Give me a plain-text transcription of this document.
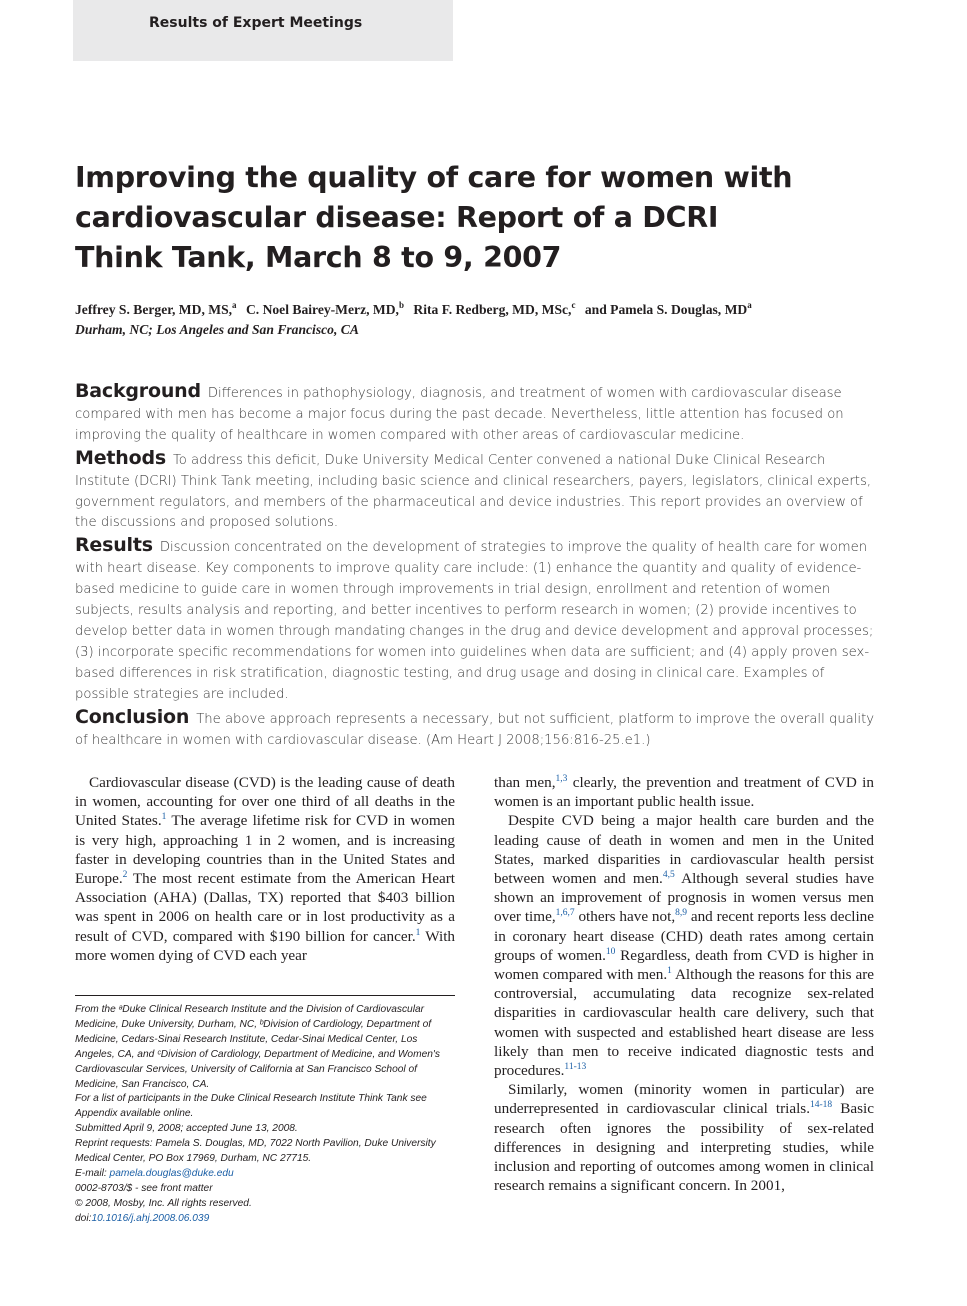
Results of Expert Meetings
Improving the quality of care for women with
cardiovascular disease: Report of a DCRI
Think Tank, March 8 to 9, 2007
Jeffrey S. Berger, MD, MS,$^a$ C. Noel Bairey-Merz, MD,$^b$ Rita F. Redberg, MD, MSc,$^c$ and Pamela S. Douglas, $MD^a$
Durham, NC; Los Angeles and San Francisco, CA

Background Differences in pathophysiology, diagnosis, and treatment of women with cardiovascular disease compared with men has become a major focus during the past decade. Nevertheless, little attention has focused on improving the quality of healthcare in women compared with other areas of cardiovascular medicine.

Methods To address this deficit, Duke University Medical Center convened a national Duke Clinical Research Institute (DCRI) Think Tank meeting, including basic science and clinical researchers, payers, legislators, clinical experts, government regulators, and members of the pharmaceutical and device industries. This report provides an overview of the discussions and proposed solutions.

Results Discussion concentrated on the development of strategies to improve the quality of health care for women with heart disease. Key components to improve quality care include: (1) enhance the quantity and quality of evidence-based medicine to guide care in women through improvements in trial design, enrollment and retention of women subjects, results analysis and reporting, and better incentives to perform research in women; (2) provide incentives to develop better data in women through mandating changes in the drug and device development and approval processes; (3) incorporate specific recommendations for women into guidelines when data are sufficient; and (4) apply proven sex-based differences in risk stratification, diagnostic testing, and drug usage and dosing in clinical care. Examples of possible strategies are included.

Conclusion The above approach represents a necessary, but not sufficient, platform to improve the overall quality of healthcare in women with cardiovascular disease. (Am Heart J 2008;156:816-25.e1.)

Cardiovascular disease (CVD) is the leading cause of death in women, accounting for over one third of all deaths in the United States.$^1$ The average lifetime risk for CVD in women is very high, approaching 1 in 2 women, and is increasing faster in developing countries than in the United States and Europe.$^2$ The most recent estimate from the American Heart Association (AHA) (Dallas, TX) reported that $403 billion was spent in 2006 on health care or in lost productivity as a result of CVD, compared with $190 billion for cancer.$^1$ With more women dying of CVD each year

From the ᵃDuke Clinical Research Institute and the Division of Cardiovascular Medicine, Duke University, Durham, NC, ᵇDivision of Cardiology, Department of Medicine, Cedars-Sinai Research Institute, Cedar-Sinai Medical Center, Los Angeles, CA, and ᶜDivision of Cardiology, Department of Medicine, and Women's Cardiovascular Services, University of California at San Francisco School of Medicine, San Francisco, CA.

For a list of participants in the Duke Clinical Research Institute Think Tank see Appendix available online.

Submitted April 9, 2008; accepted June 13, 2008.

Reprint requests: Pamela S. Douglas, MD, 7022 North Pavilion, Duke University Medical Center, PO Box 17969, Durham, NC 27715.

E-mail: pamela.douglas@duke.edu

0002-8703/$ - see front matter

© 2008, Mosby, Inc. All rights reserved.

doi:10.1016/j.ahj.2008.06.039

than men,$^{1,3}$ clearly, the prevention and treatment of CVD in women is an important public health issue.

Despite CVD being a major health care burden and the leading cause of death in women and men in the United States, marked disparities in cardiovascular health persist between women and men.$^{4,5}$ Although several studies have shown an improvement of prognosis in women versus men over time,$^{1,6,7}$ others have not,$^{8,9}$ and recent reports less decline in coronary heart disease (CHD) death rates among certain groups of women.$^{10}$ Regardless, death from CVD is higher in women compared with men.$^1$ Although the reasons for this are controversial, accumulating data recognize sex-related disparities in cardiovascular health care delivery, such that women with suspected and established heart disease are less likely than men to receive indicated diagnostic tests and procedures.$^{11-13}$

Similarly, women (minority women in particular) are underrepresented in cardiovascular clinical trials.$^{14-18}$ Basic research often ignores the possibility of sex-related differences in designing and interpreting studies, while inclusion and reporting of outcomes among women in clinical research remains a significant concern. In 2001,
